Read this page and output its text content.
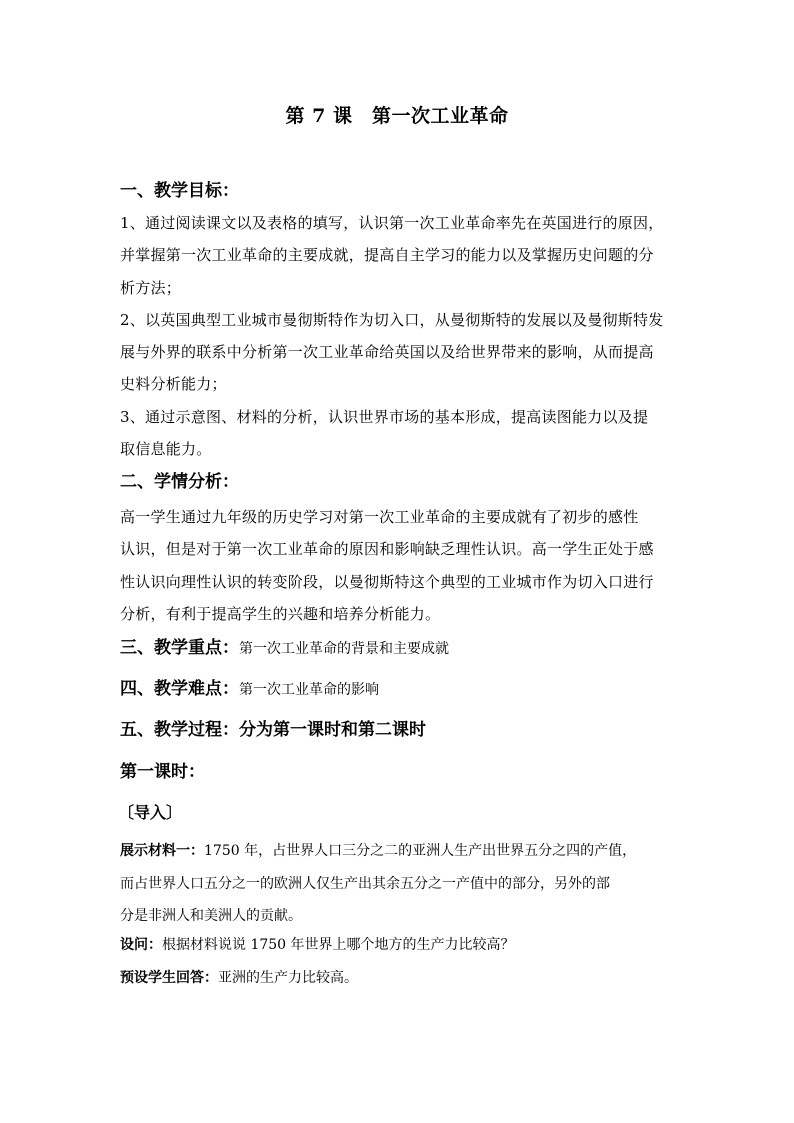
第 7 课　第一次工业革命
一、教学目标：
1、通过阅读课文以及表格的填写，认识第一次工业革命率先在英国进行的原因，
并掌握第一次工业革命的主要成就，提高自主学习的能力以及掌握历史问题的分
析方法；
2、以英国典型工业城市曼彻斯特作为切入口，从曼彻斯特的发展以及曼彻斯特发
展与外界的联系中分析第一次工业革命给英国以及给世界带来的影响，从而提高
史料分析能力；
3、通过示意图、材料的分析，认识世界市场的基本形成，提高读图能力以及提
取信息能力。
二、学情分析：
高一学生通过九年级的历史学习对第一次工业革命的主要成就有了初步的感性
认识，但是对于第一次工业革命的原因和影响缺乏理性认识。高一学生正处于感
性认识向理性认识的转变阶段，以曼彻斯特这个典型的工业城市作为切入口进行
分析，有利于提高学生的兴趣和培养分析能力。
三、教学重点：第一次工业革命的背景和主要成就
四、教学难点：第一次工业革命的影响
五、教学过程：分为第一课时和第二课时
第一课时：
〔导入〕
展示材料一：1750 年，占世界人口三分之二的亚洲人生产出世界五分之四的产值，
而占世界人口五分之一的欧洲人仅生产出其余五分之一产值中的部分，另外的部
分是非洲人和美洲人的贡献。
设问：根据材料说说 1750 年世界上哪个地方的生产力比较高？
预设学生回答：亚洲的生产力比较高。
